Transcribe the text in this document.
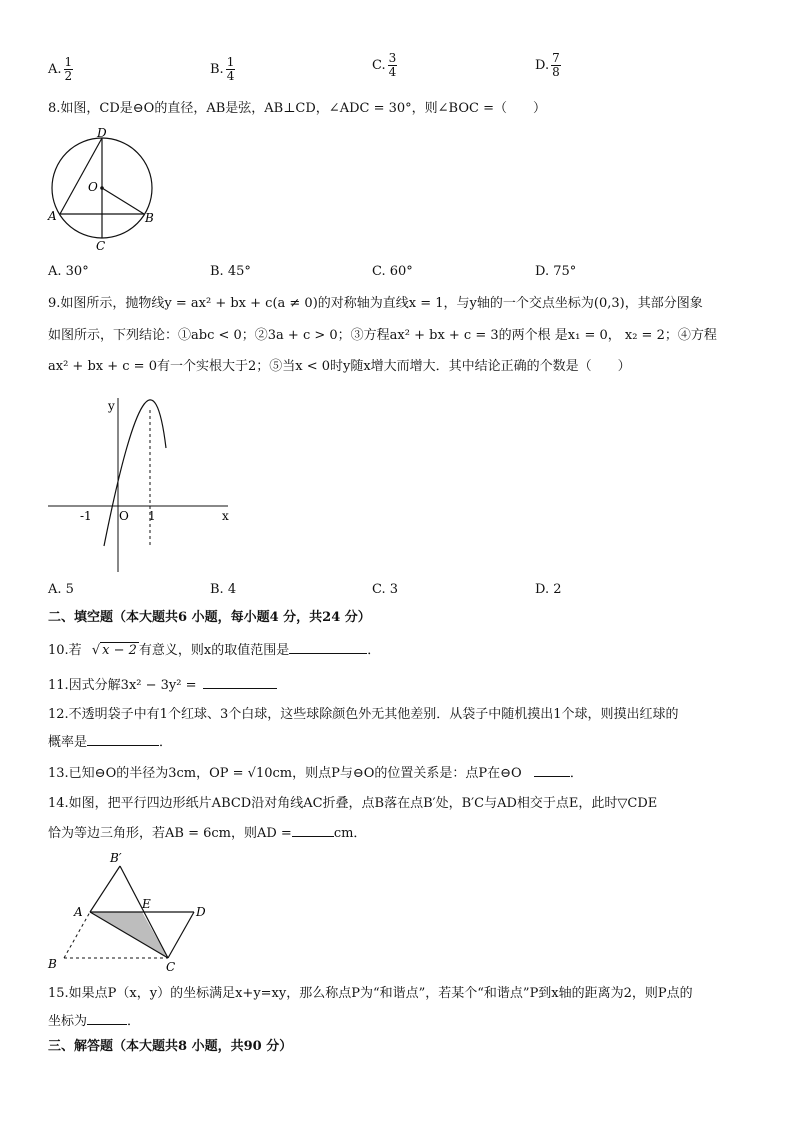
A. $\frac{1}{2}$	B. $\frac{1}{4}$	C. $\frac{3}{4}$	D. $\frac{7}{8}$
8.如图，CD是⊖O的直径，AB是弦，AB⊥CD，∠ADC = 30°，则∠BOC =（　　）
D
O
A	B
C
A. 30°	B. 45°	C. 60°	D. 75°
9.如图所示，抛物线y = ax² + bx + c(a ≠ 0)的对称轴为直线x = 1，与y轴的一个交点坐标为(0,3)，其部分图象
如图所示，下列结论：①abc < 0；②3a + c > 0；③方程ax² + bx + c = 3的两个根 是x₁ = 0， x₂ = 2；④方程
ax² + bx + c = 0有一个实根大于2；⑤当x < 0时y随x增大而增大．其中结论正确的个数是（　　）
y
x
-1 O 1
A. 5	B. 4	C. 3	D. 2
二、填空题（本大题共6 小题，每小题4 分，共24 分）
10.若 √ x − 2 有意义，则x的取值范围是	．
11.因式分解3x² − 3y² =
12.不透明袋子中有1个红球、3个白球，这些球除颜色外无其他差别．从袋子中随机摸出1个球，则摸出红球的
概率是	．
13.已知⊖O的半径为3cm，OP = √10cm，则点P与⊖O的位置关系是：点P在⊖O	．
14.如图，把平行四边形纸片ABCD沿对角线AC折叠，点B落在点B′处，B′C与AD相交于点E，此时▽CDE
恰为等边三角形，若AB = 6cm，则AD =	cm．
B′
A
E
D
B	C
15.如果点P（x，y）的坐标满足x+y=xy，那么称点P为“和谐点”，若某个“和谐点”P到x轴的距离为2，则P点的
坐标为	．
三、解答题（本大题共8 小题，共90 分）
